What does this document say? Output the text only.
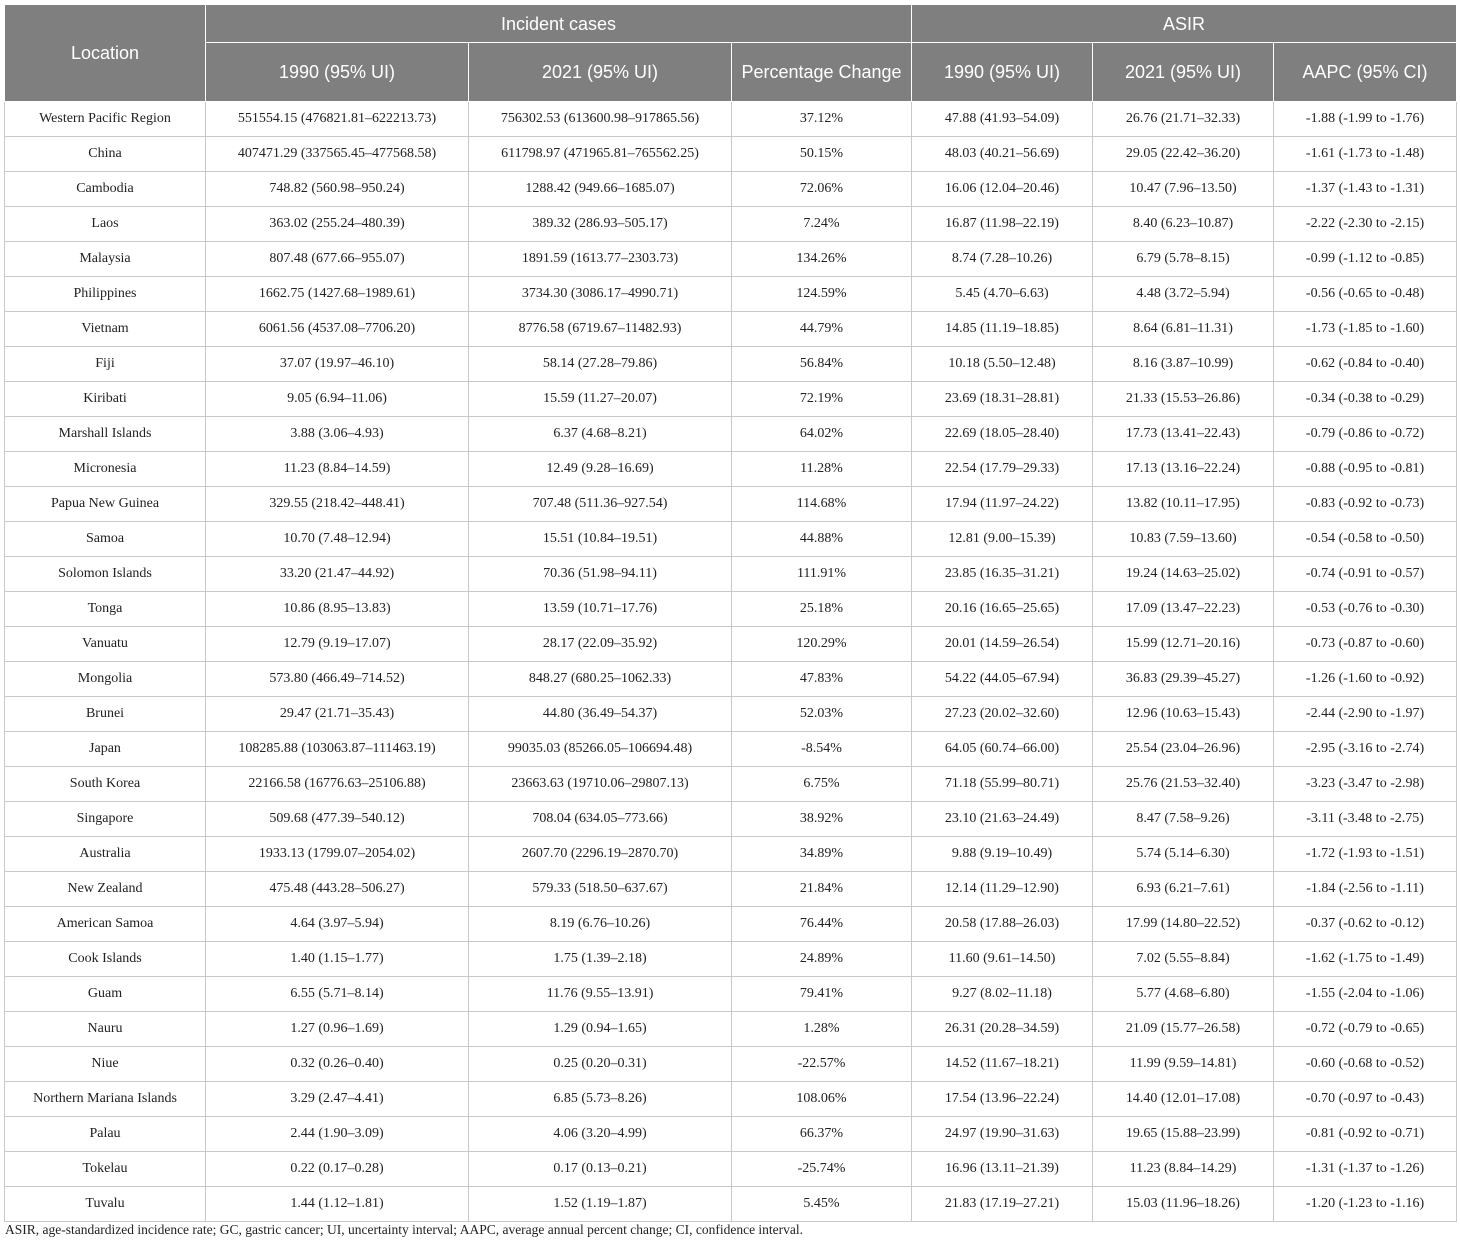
Location	Incident cases			ASIR		
	1990 (95% UI)	2021 (95% UI)	Percentage Change	1990 (95% UI)	2021 (95% UI)	AAPC (95% CI)
Western Pacific Region	551554.15 (476821.81–622213.73)	756302.53 (613600.98–917865.56)	37.12%	47.88 (41.93–54.09)	26.76 (21.71–32.33)	-1.88 (-1.99 to -1.76)
China	407471.29 (337565.45–477568.58)	611798.97 (471965.81–765562.25)	50.15%	48.03 (40.21–56.69)	29.05 (22.42–36.20)	-1.61 (-1.73 to -1.48)
Cambodia	748.82 (560.98–950.24)	1288.42 (949.66–1685.07)	72.06%	16.06 (12.04–20.46)	10.47 (7.96–13.50)	-1.37 (-1.43 to -1.31)
Laos	363.02 (255.24–480.39)	389.32 (286.93–505.17)	7.24%	16.87 (11.98–22.19)	8.40 (6.23–10.87)	-2.22 (-2.30 to -2.15)
Malaysia	807.48 (677.66–955.07)	1891.59 (1613.77–2303.73)	134.26%	8.74 (7.28–10.26)	6.79 (5.78–8.15)	-0.99 (-1.12 to -0.85)
Philippines	1662.75 (1427.68–1989.61)	3734.30 (3086.17–4990.71)	124.59%	5.45 (4.70–6.63)	4.48 (3.72–5.94)	-0.56 (-0.65 to -0.48)
Vietnam	6061.56 (4537.08–7706.20)	8776.58 (6719.67–11482.93)	44.79%	14.85 (11.19–18.85)	8.64 (6.81–11.31)	-1.73 (-1.85 to -1.60)
Fiji	37.07 (19.97–46.10)	58.14 (27.28–79.86)	56.84%	10.18 (5.50–12.48)	8.16 (3.87–10.99)	-0.62 (-0.84 to -0.40)
Kiribati	9.05 (6.94–11.06)	15.59 (11.27–20.07)	72.19%	23.69 (18.31–28.81)	21.33 (15.53–26.86)	-0.34 (-0.38 to -0.29)
Marshall Islands	3.88 (3.06–4.93)	6.37 (4.68–8.21)	64.02%	22.69 (18.05–28.40)	17.73 (13.41–22.43)	-0.79 (-0.86 to -0.72)
Micronesia	11.23 (8.84–14.59)	12.49 (9.28–16.69)	11.28%	22.54 (17.79–29.33)	17.13 (13.16–22.24)	-0.88 (-0.95 to -0.81)
Papua New Guinea	329.55 (218.42–448.41)	707.48 (511.36–927.54)	114.68%	17.94 (11.97–24.22)	13.82 (10.11–17.95)	-0.83 (-0.92 to -0.73)
Samoa	10.70 (7.48–12.94)	15.51 (10.84–19.51)	44.88%	12.81 (9.00–15.39)	10.83 (7.59–13.60)	-0.54 (-0.58 to -0.50)
Solomon Islands	33.20 (21.47–44.92)	70.36 (51.98–94.11)	111.91%	23.85 (16.35–31.21)	19.24 (14.63–25.02)	-0.74 (-0.91 to -0.57)
Tonga	10.86 (8.95–13.83)	13.59 (10.71–17.76)	25.18%	20.16 (16.65–25.65)	17.09 (13.47–22.23)	-0.53 (-0.76 to -0.30)
Vanuatu	12.79 (9.19–17.07)	28.17 (22.09–35.92)	120.29%	20.01 (14.59–26.54)	15.99 (12.71–20.16)	-0.73 (-0.87 to -0.60)
Mongolia	573.80 (466.49–714.52)	848.27 (680.25–1062.33)	47.83%	54.22 (44.05–67.94)	36.83 (29.39–45.27)	-1.26 (-1.60 to -0.92)
Brunei	29.47 (21.71–35.43)	44.80 (36.49–54.37)	52.03%	27.23 (20.02–32.60)	12.96 (10.63–15.43)	-2.44 (-2.90 to -1.97)
Japan	108285.88 (103063.87–111463.19)	99035.03 (85266.05–106694.48)	-8.54%	64.05 (60.74–66.00)	25.54 (23.04–26.96)	-2.95 (-3.16 to -2.74)
South Korea	22166.58 (16776.63–25106.88)	23663.63 (19710.06–29807.13)	6.75%	71.18 (55.99–80.71)	25.76 (21.53–32.40)	-3.23 (-3.47 to -2.98)
Singapore	509.68 (477.39–540.12)	708.04 (634.05–773.66)	38.92%	23.10 (21.63–24.49)	8.47 (7.58–9.26)	-3.11 (-3.48 to -2.75)
Australia	1933.13 (1799.07–2054.02)	2607.70 (2296.19–2870.70)	34.89%	9.88 (9.19–10.49)	5.74 (5.14–6.30)	-1.72 (-1.93 to -1.51)
New Zealand	475.48 (443.28–506.27)	579.33 (518.50–637.67)	21.84%	12.14 (11.29–12.90)	6.93 (6.21–7.61)	-1.84 (-2.56 to -1.11)
American Samoa	4.64 (3.97–5.94)	8.19 (6.76–10.26)	76.44%	20.58 (17.88–26.03)	17.99 (14.80–22.52)	-0.37 (-0.62 to -0.12)
Cook Islands	1.40 (1.15–1.77)	1.75 (1.39–2.18)	24.89%	11.60 (9.61–14.50)	7.02 (5.55–8.84)	-1.62 (-1.75 to -1.49)
Guam	6.55 (5.71–8.14)	11.76 (9.55–13.91)	79.41%	9.27 (8.02–11.18)	5.77 (4.68–6.80)	-1.55 (-2.04 to -1.06)
Nauru	1.27 (0.96–1.69)	1.29 (0.94–1.65)	1.28%	26.31 (20.28–34.59)	21.09 (15.77–26.58)	-0.72 (-0.79 to -0.65)
Niue	0.32 (0.26–0.40)	0.25 (0.20–0.31)	-22.57%	14.52 (11.67–18.21)	11.99 (9.59–14.81)	-0.60 (-0.68 to -0.52)
Northern Mariana Islands	3.29 (2.47–4.41)	6.85 (5.73–8.26)	108.06%	17.54 (13.96–22.24)	14.40 (12.01–17.08)	-0.70 (-0.97 to -0.43)
Palau	2.44 (1.90–3.09)	4.06 (3.20–4.99)	66.37%	24.97 (19.90–31.63)	19.65 (15.88–23.99)	-0.81 (-0.92 to -0.71)
Tokelau	0.22 (0.17–0.28)	0.17 (0.13–0.21)	-25.74%	16.96 (13.11–21.39)	11.23 (8.84–14.29)	-1.31 (-1.37 to -1.26)
Tuvalu	1.44 (1.12–1.81)	1.52 (1.19–1.87)	5.45%	21.83 (17.19–27.21)	15.03 (11.96–18.26)	-1.20 (-1.23 to -1.16)
ASIR, age-standardized incidence rate; GC, gastric cancer; UI, uncertainty interval; AAPC, average annual percent change; CI, confidence interval.
